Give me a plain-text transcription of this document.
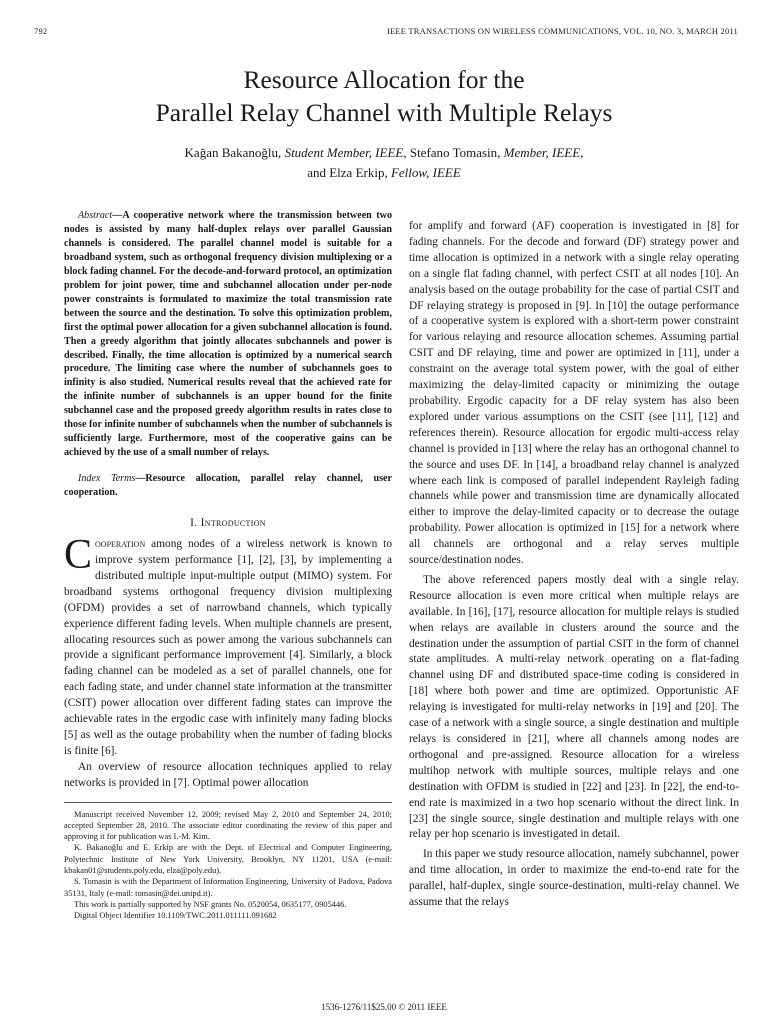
792	IEEE TRANSACTIONS ON WIRELESS COMMUNICATIONS, VOL. 10, NO. 3, MARCH 2011
Resource Allocation for the
Parallel Relay Channel with Multiple Relays
Kağan Bakanoğlu, Student Member, IEEE, Stefano Tomasin, Member, IEEE,
and Elza Erkip, Fellow, IEEE

Abstract—A cooperative network where the transmission between two nodes is assisted by many half-duplex relays over parallel Gaussian channels is considered. The parallel channel model is suitable for a broadband system, such as orthogonal frequency division multiplexing or a block fading channel. For the decode-and-forward protocol, an optimization problem for joint power, time and subchannel allocation under per-node power constraints is formulated to maximize the total transmission rate between the source and the destination. To solve this optimization problem, first the optimal power allocation for a given subchannel allocation is found. Then a greedy algorithm that jointly allocates subchannels and power is described. Finally, the time allocation is optimized by a numerical search procedure. The limiting case where the number of subchannels goes to infinity is also studied. Numerical results reveal that the achieved rate for the infinite number of subchannels is an upper bound for the finite subchannel case and the proposed greedy algorithm results in rates close to those for infinite number of subchannels when the number of subchannels is sufficiently large. Furthermore, most of the cooperative gains can be achieved by the use of a small number of relays.

Index Terms—Resource allocation, parallel relay channel, user cooperation.

I. Introduction

Cooperation among nodes of a wireless network is known to improve system performance [1], [2], [3], by implementing a distributed multiple input-multiple output (MIMO) system. For broadband systems orthogonal frequency division multiplexing (OFDM) provides a set of narrowband channels, which typically experience different fading levels. When multiple channels are present, allocating resources such as power among the various subchannels can provide a significant performance improvement [4]. Similarly, a block fading channel can be modeled as a set of parallel channels, one for each fading state, and under channel state information at the transmitter (CSIT) power allocation over different fading states can improve the achievable rates in the ergodic case with infinitely many fading blocks [5] as well as the outage probability when the number of fading blocks is finite [6].

An overview of resource allocation techniques applied to relay networks is provided in [7]. Optimal power allocation

Manuscript received November 12, 2009; revised May 2, 2010 and September 24, 2010; accepted September 28, 2010. The associate editor coordinating the review of this paper and approving it for publication was I.-M. Kim.

K. Bakanoğlu and E. Erkip are with the Dept. of Electrical and Computer Engineering, Polytechnic Institute of New York University, Brooklyn, NY 11201, USA (e-mail: kbakan01@students.poly.edu, elza@poly.edu).

S. Tomasin is with the Department of Information Engineering, University of Padova, Padova 35131, Italy (e-mail: tomasin@dei.unipd.it).

This work is partially supported by NSF grants No. 0520054, 0635177, 0905446.

Digital Object Identifier 10.1109/TWC.2011.011111.091682

for amplify and forward (AF) cooperation is investigated in [8] for fading channels. For the decode and forward (DF) strategy power and time allocation is optimized in a network with a single relay operating on a single flat fading channel, with perfect CSIT at all nodes [10]. An analysis based on the outage probability for the case of partial CSIT and DF relaying strategy is proposed in [9]. In [10] the outage performance of a cooperative system is explored with a short-term power constraint for various relaying and resource allocation schemes. Assuming partial CSIT and DF relaying, time and power are optimized in [11], under a constraint on the average total system power, with the goal of either maximizing the delay-limited capacity or minimizing the outage probability. Ergodic capacity for a DF relay system has also been explored under various assumptions on the CSIT (see [11], [12] and references therein). Resource allocation for ergodic multi-access relay channel is provided in [13] where the relay has an orthogonal channel to the source and uses DF. In [14], a broadband relay channel is analyzed where each link is composed of parallel independent Rayleigh fading channels while power and transmission time are dynamically allocated either to improve the delay-limited capacity or to decrease the outage probability. Power allocation is optimized in [15] for a network where all channels are orthogonal and a relay serves multiple source/destination nodes.

The above referenced papers mostly deal with a single relay. Resource allocation is even more critical when multiple relays are available. In [16], [17], resource allocation for multiple relays is studied when relays are available in clusters around the source and the destination under the assumption of partial CSIT in the form of channel state amplitudes. A multi-relay network operating on a flat-fading channel using DF and distributed space-time coding is considered in [18] where both power and time are optimized. Opportunistic AF relaying is investigated for multi-relay networks in [19] and [20]. The case of a network with a single source, a single destination and multiple relays is considered in [21], where all channels among nodes are orthogonal and pre-assigned. Resource allocation for a wireless multihop network with multiple sources, multiple relays and one destination with OFDM is studied in [22] and [23]. In [22], the end-to-end rate is maximized in a two hop scenario without the direct link. In [23] the single source, single destination and multiple relays with one relay per hop scenario is investigated in detail.

In this paper we study resource allocation, namely subchannel, power and time allocation, in order to maximize the end-to-end rate for the parallel, half-duplex, single source-destination, multi-relay channel. We assume that the relays

1536-1276/11$25.00 © 2011 IEEE
